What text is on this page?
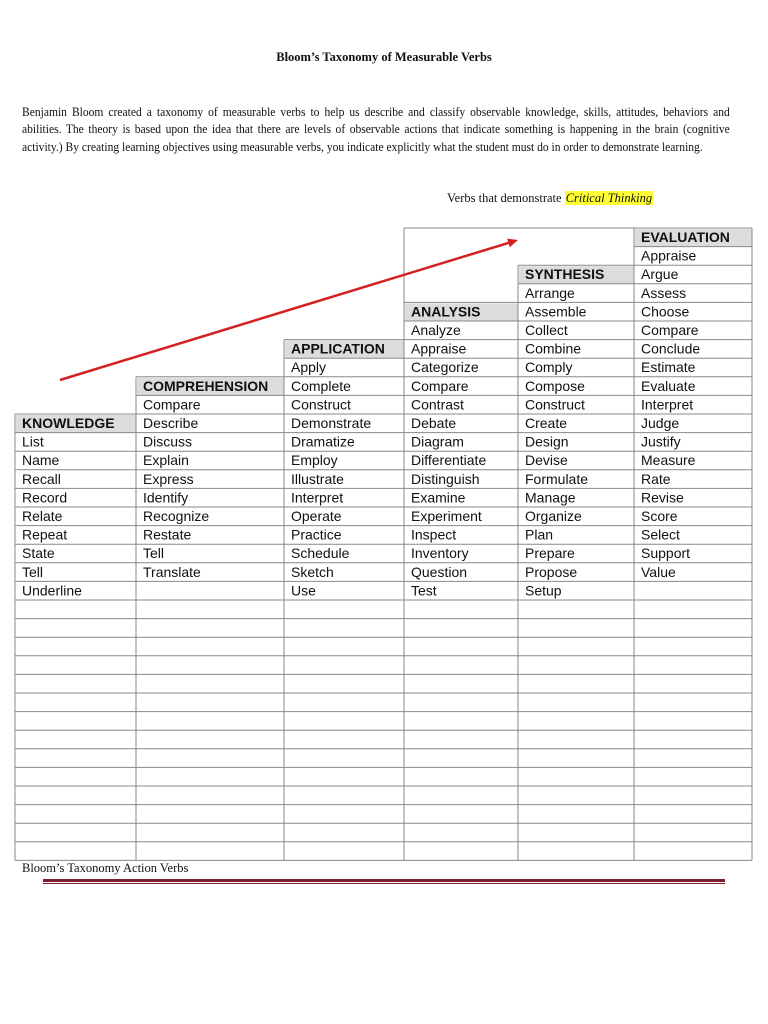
Bloom’s Taxonomy of Measurable Verbs
Benjamin Bloom created a taxonomy of measurable verbs to help us describe and classify observable knowledge, skills, attitudes, behaviors and abilities. The theory is based upon the idea that there are levels of observable actions that indicate something is happening in the brain (cognitive activity.) By creating learning objectives using measurable verbs, you indicate explicitly what the student must do in order to demonstrate learning.
Verbs that demonstrate Critical Thinking
KNOWLEDGE
List
Name
Recall
Record
Relate
Repeat
State
Tell
Underline
COMPREHENSION
Compare
Describe
Discuss
Explain
Express
Identify
Recognize
Restate
Tell
Translate
APPLICATION
Apply
Complete
Construct
Demonstrate
Dramatize
Employ
Illustrate
Interpret
Operate
Practice
Schedule
Sketch
Use
ANALYSIS
Analyze
Appraise
Categorize
Compare
Contrast
Debate
Diagram
Differentiate
Distinguish
Examine
Experiment
Inspect
Inventory
Question
Test
SYNTHESIS
Arrange
Assemble
Collect
Combine
Comply
Compose
Construct
Create
Design
Devise
Formulate
Manage
Organize
Plan
Prepare
Propose
Setup
EVALUATION
Appraise
Argue
Assess
Choose
Compare
Conclude
Estimate
Evaluate
Interpret
Judge
Justify
Measure
Rate
Revise
Score
Select
Support
Value
Bloom’s Taxonomy Action Verbs
